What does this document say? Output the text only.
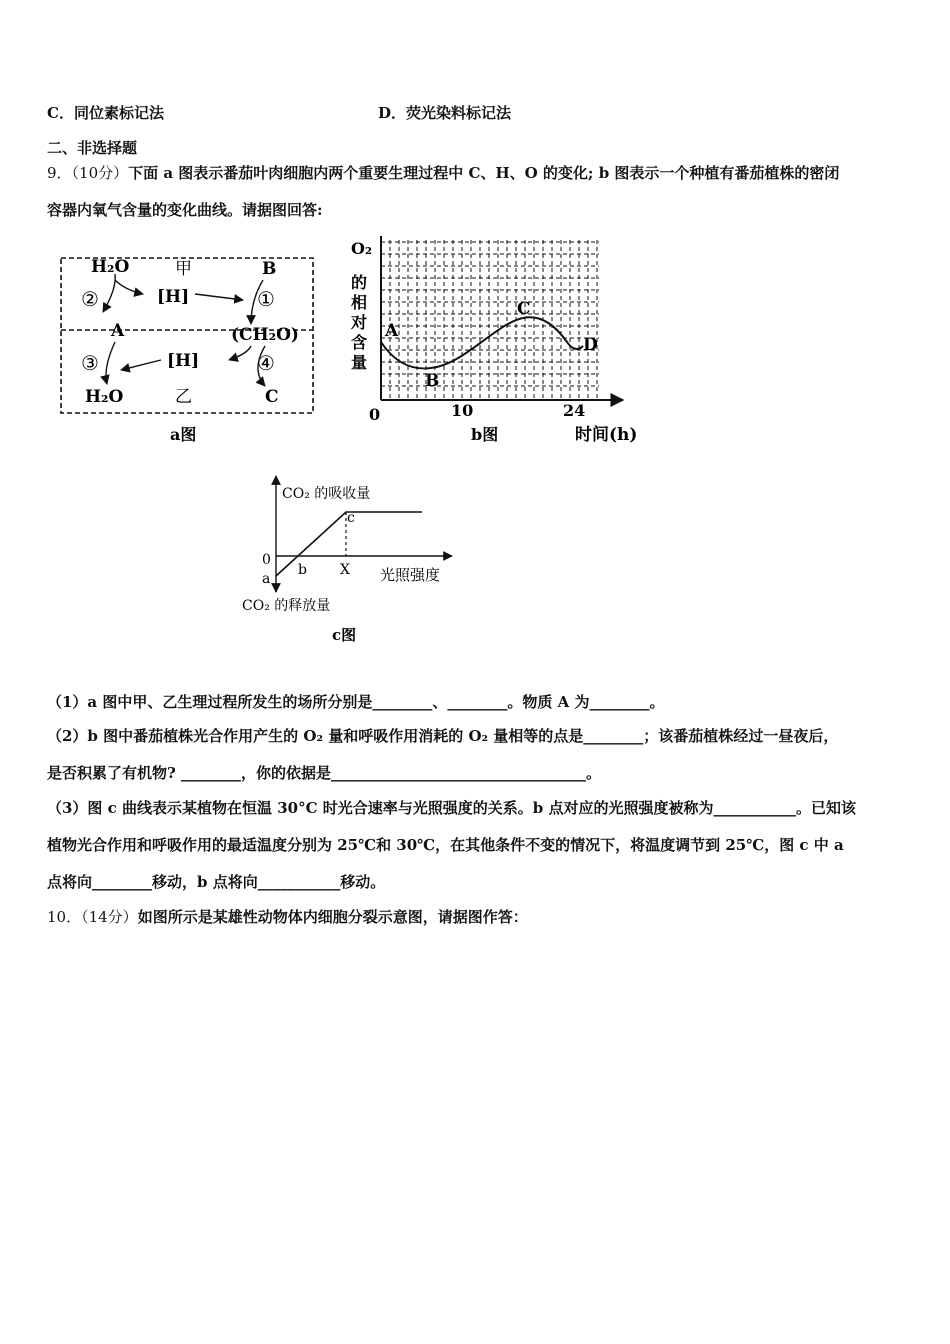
C．同位素标记法	D．荧光染料标记法
二、非选择题
9．（10分）下面 a 图表示番茄叶肉细胞内两个重要生理过程中 C、H、O 的变化; b 图表示一个种植有番茄植株的密闭
容器内氧气含量的变化曲线。请据图回答:
H₂O	甲	B
②	[H]	①
A	(CH₂O)
③	[H]	④
H₂O	乙	C
a图
O₂
的
相
对
含
量
A
B
C
D
0	10	24
b图	时间(h)
CO₂ 的吸收量
0
a
b
c
X 光照强度
CO₂ 的释放量
c图
（1）a 图中甲、乙生理过程所发生的场所分别是________、________。物质 A 为________。
（2）b 图中番茄植株光合作用产生的 O₂ 量和呼吸作用消耗的 O₂ 量相等的点是________；该番茄植株经过一昼夜后，
是否积累了有机物? ________，你的依据是__________________________________。
（3）图 c 曲线表示某植物在恒温 30°C 时光合速率与光照强度的关系。b 点对应的光照强度被称为___________。已知该
植物光合作用和呼吸作用的最适温度分别为 25℃和 30℃，在其他条件不变的情况下，将温度调节到 25℃，图 c 中 a
点将向________移动，b 点将向___________移动。
10．（14分）如图所示是某雄性动物体内细胞分裂示意图，请据图作答：
